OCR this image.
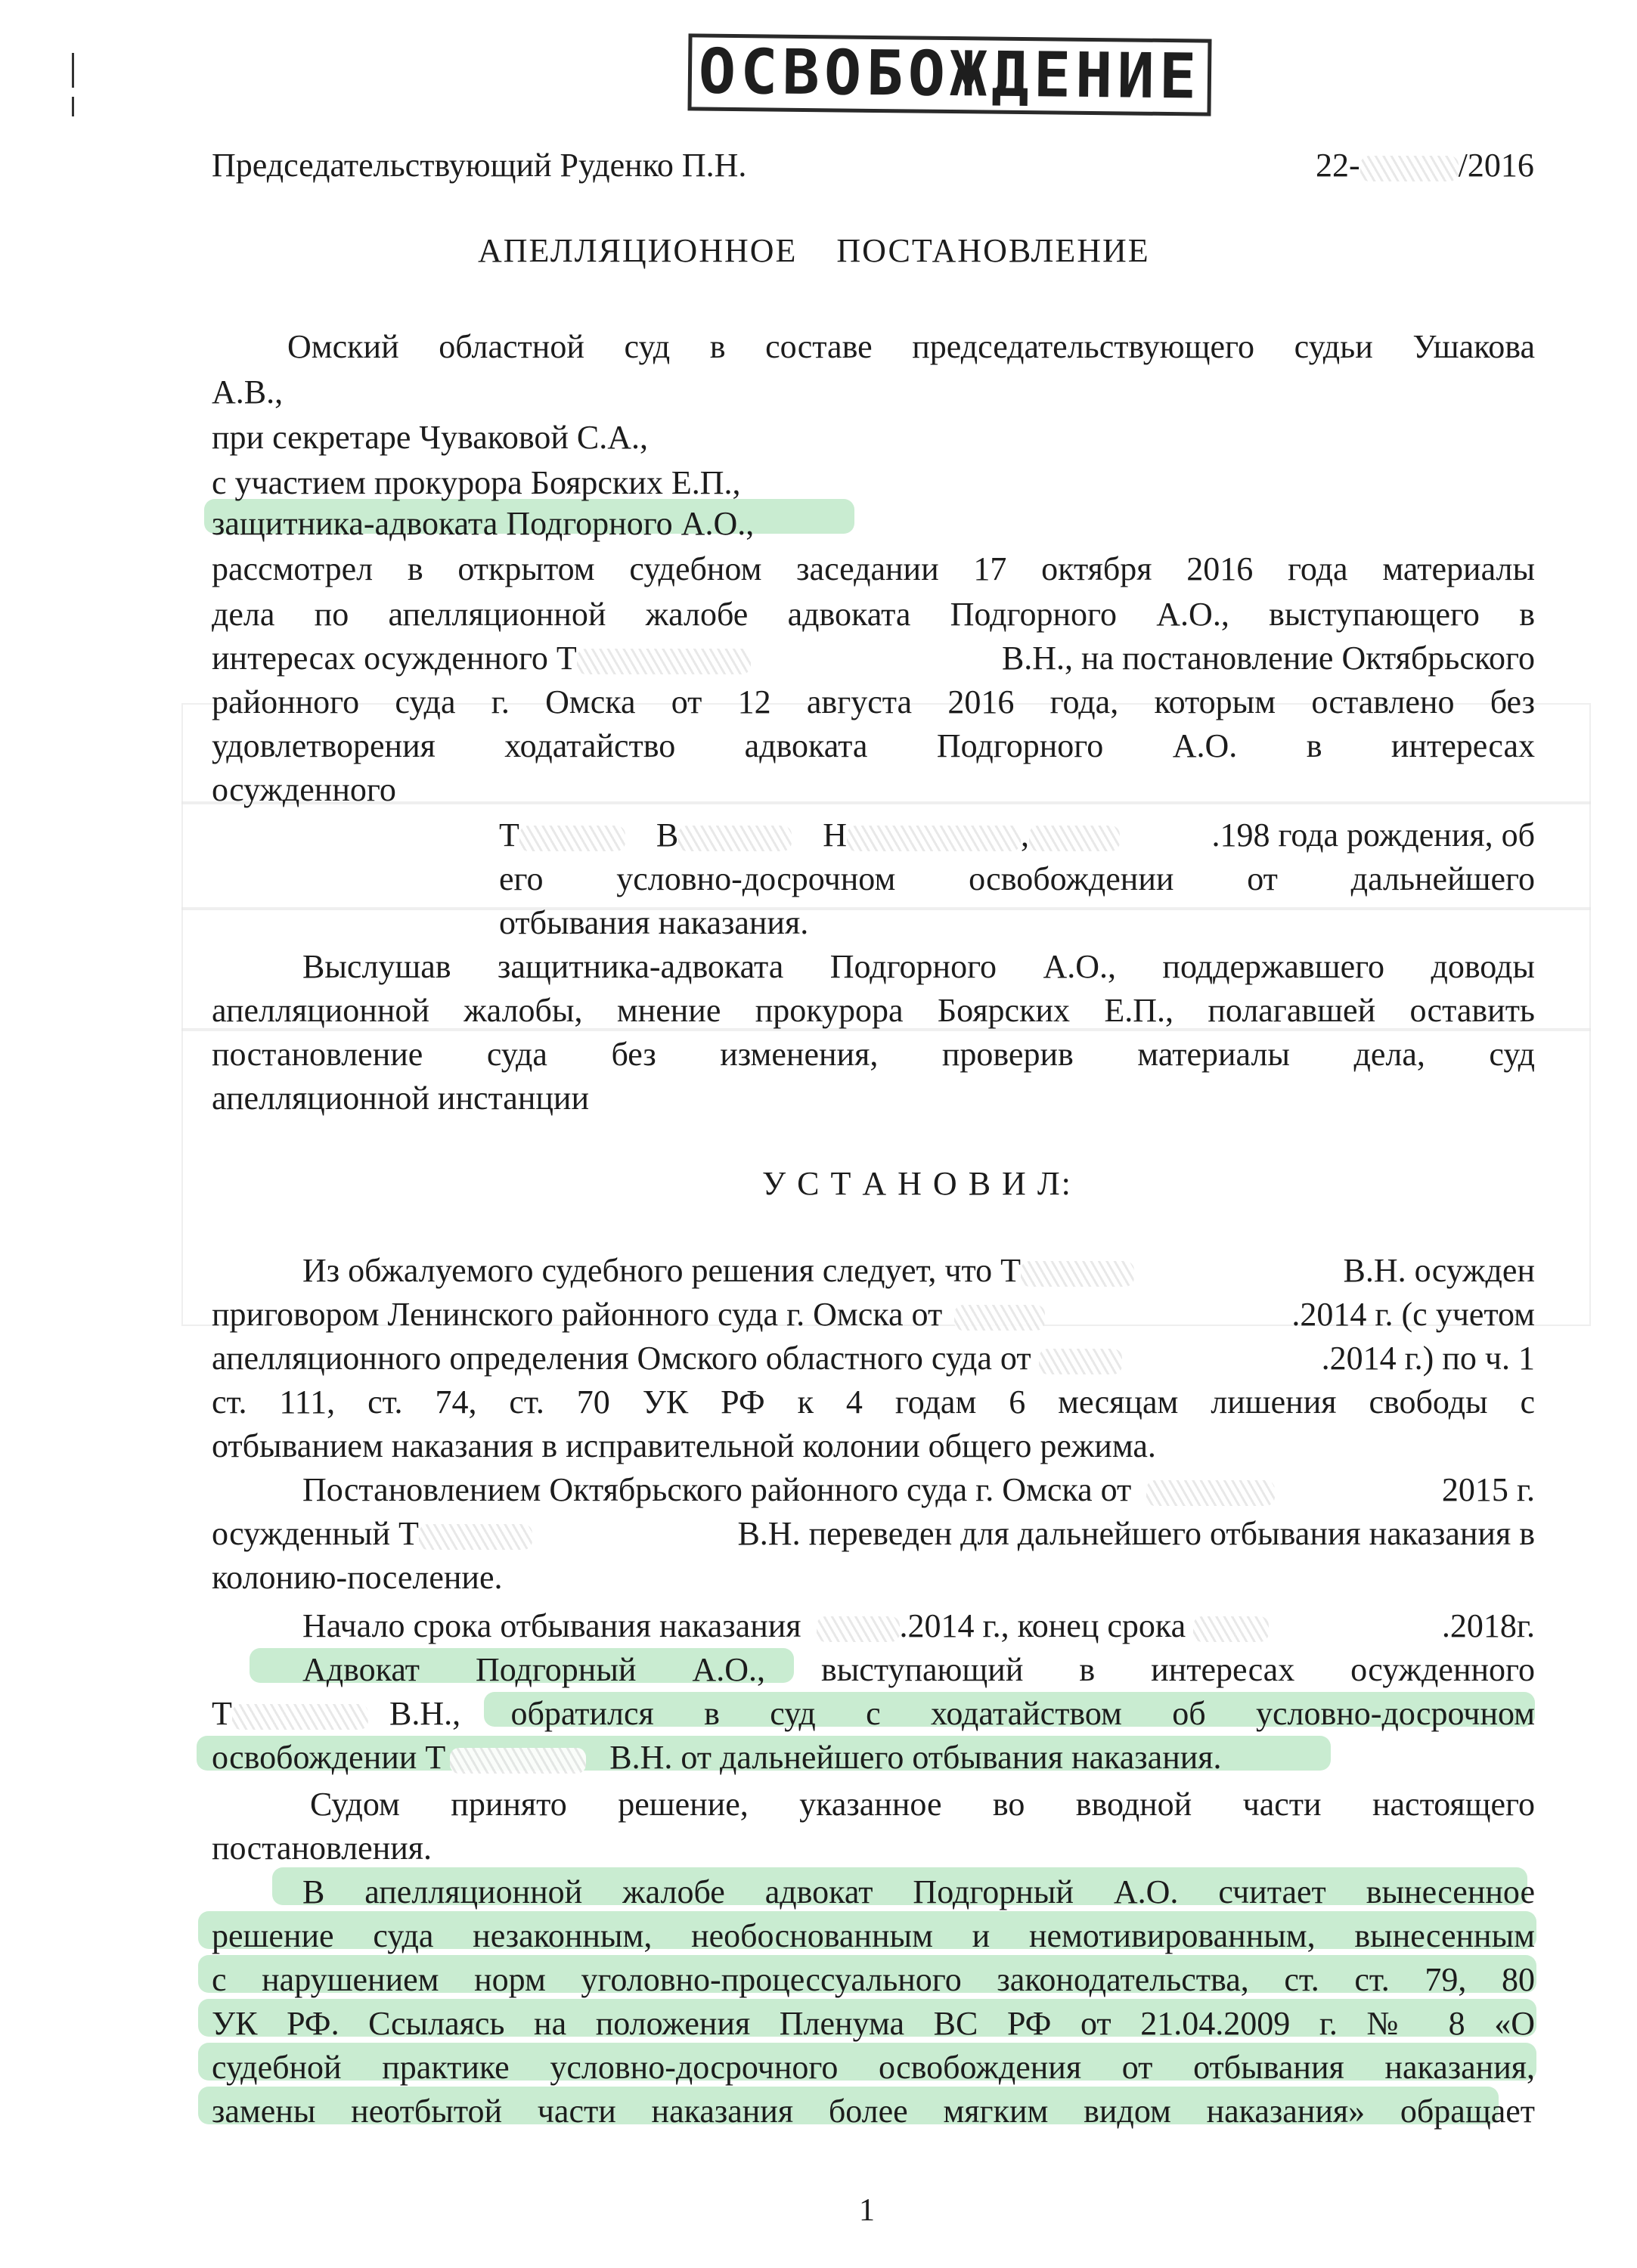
ОСВОБОЖДЕНИЕ
Председательствующий Руденко П.Н.	22-	/2016
АПЕЛЛЯЦИОННОЕ    ПОСТАНОВЛЕНИЕ
Омский областной суд в составе председательствующего судьи Ушакова
А.В.,
при секретаре Чуваковой С.А.,
с участием прокурора Боярских Е.П.,
защитника-адвоката Подгорного А.О.,
рассмотрел в открытом судебном заседании 17 октября 2016 года материалы
дела по апелляционной жалобе адвоката Подгорного А.О., выступающего в
интересах осужденного Т	В.Н., на постановление Октябрьского
районного суда г. Омска от 12 августа 2016 года, которым оставлено без
удовлетворения ходатайство адвоката Подгорного А.О. в интересах
осужденного
Т	В	Н	,	.198 года рождения, об
его условно-досрочном освобождении от дальнейшего
отбывания наказания.
Выслушав защитника-адвоката Подгорного А.О., поддержавшего доводы
апелляционной жалобы, мнение прокурора Боярских Е.П., полагавшей оставить
постановление суда без изменения, проверив материалы дела, суд
апелляционной инстанции
У С Т А Н О В И Л:
Из обжалуемого судебного решения следует, что Т	В.Н. осужден
приговором Ленинского районного суда г. Омска от	.2014 г. (с учетом
апелляционного определения Омского областного суда от	.2014 г.) по ч. 1
ст. 111, ст. 74, ст. 70 УК РФ к 4 годам 6 месяцам лишения свободы с
отбыванием наказания в исправительной колонии общего режима.
Постановлением Октябрьского районного суда г. Омска от	2015 г.
осужденный Т	В.Н. переведен для дальнейшего отбывания наказания в
колонию-поселение.
Начало срока отбывания наказания	.2014 г., конец срока	.2018г.
Адвокат Подгорный А.О., выступающий в интересах осужденного
Т	В.Н., обратился в суд с ходатайством об условно-досрочном
освобождении Т	В.Н. от дальнейшего отбывания наказания.
Судом принято решение, указанное во вводной части настоящего
постановления.
В апелляционной жалобе адвокат Подгорный А.О. считает вынесенное
решение суда незаконным, необоснованным и немотивированным, вынесенным
с нарушением норм уголовно-процессуального законодательства, ст. ст. 79, 80
УК РФ. Ссылаясь на положения Пленума ВС РФ от 21.04.2009 г. № 8 «О
судебной практике условно-досрочного освобождения от отбывания наказания,
замены неотбытой части наказания более мягким видом наказания» обращает
1
